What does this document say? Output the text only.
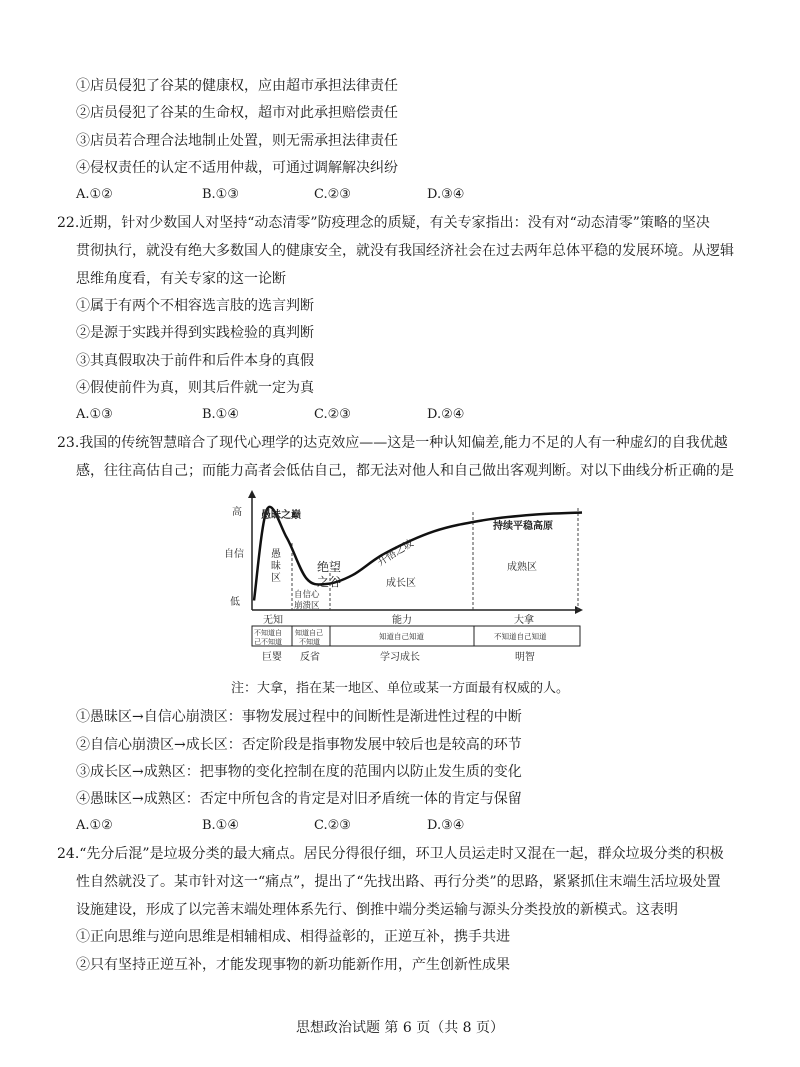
①店员侵犯了谷某的健康权，应由超市承担法律责任
②店员侵犯了谷某的生命权，超市对此承担赔偿责任
③店员若合理合法地制止处置，则无需承担法律责任
④侵权责任的认定不适用仲裁，可通过调解解决纠纷
A.①②	B.①③	C.②③	D.③④
22.近期，针对少数国人对坚持“动态清零”防疫理念的质疑，有关专家指出：没有对“动态清零”策略的坚决
贯彻执行，就没有绝大多数国人的健康安全，就没有我国经济社会在过去两年总体平稳的发展环境。从逻辑
思维角度看，有关专家的这一论断
①属于有两个不相容选言肢的选言判断
②是源于实践并得到实践检验的真判断
③其真假取决于前件和后件本身的真假
④假使前件为真，则其后件就一定为真
A.①③	B.①④	C.②③	D.②④
23.我国的传统智慧暗合了现代心理学的达克效应——这是一种认知偏差,能力不足的人有一种虚幻的自我优越
感，往往高估自己；而能力高者会低估自己，都无法对他人和自己做出客观判断。对以下曲线分析正确的是
高
自信
低
愚昧之巅
绝望
之谷
开悟之坡
持续平稳高原
愚
昧
区
自信心
崩溃区
成长区
成熟区
无知	能力	大拿
不知道自
己不知道
知道自己
不知道
知道自己知道	不知道自己知道
巨婴 反省	学习成长	明智
注：大拿，指在某一地区、单位或某一方面最有权威的人。
①愚昧区→自信心崩溃区：事物发展过程中的间断性是渐进性过程的中断
②自信心崩溃区→成长区：否定阶段是指事物发展中较后也是较高的环节
③成长区→成熟区：把事物的变化控制在度的范围内以防止发生质的变化
④愚昧区→成熟区：否定中所包含的肯定是对旧矛盾统一体的肯定与保留
A.①②	B.①④	C.②③	D.③④
24.“先分后混”是垃圾分类的最大痛点。居民分得很仔细，环卫人员运走时又混在一起，群众垃圾分类的积极
性自然就没了。某市针对这一“痛点”，提出了“先找出路、再行分类”的思路，紧紧抓住末端生活垃圾处置
设施建设，形成了以完善末端处理体系先行、倒推中端分类运输与源头分类投放的新模式。这表明
①正向思维与逆向思维是相辅相成、相得益彰的，正逆互补，携手共进
②只有坚持正逆互补，才能发现事物的新功能新作用，产生创新性成果
思想政治试题 第 6 页（共 8 页）
